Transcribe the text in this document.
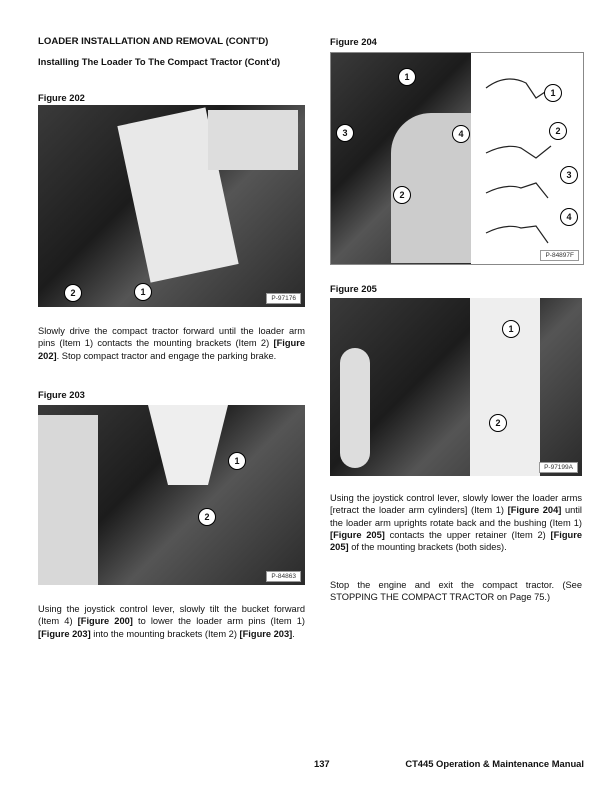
LOADER INSTALLATION AND REMOVAL (CONT'D)
Installing The Loader To The Compact Tractor (Cont'd)
Figure 202
2	1
P-97176
Slowly drive the compact tractor forward until the loader arm pins (Item 1) contacts the mounting brackets (Item 2) [Figure 202]. Stop compact tractor and engage the parking brake.
Figure 203
1
2
P-84863
Using the joystick control lever, slowly tilt the bucket forward (Item 4) [Figure 200] to lower the loader arm pins (Item 1) [Figure 203] into the mounting brackets (Item 2) [Figure 203].
Figure 204
1
3	4
2
1
2
3
4
P-84897F
Figure 205
1
2
P-97199A
Using the joystick control lever, slowly lower the loader arms [retract the loader arm cylinders] (Item 1) [Figure 204] until the loader arm uprights rotate back and the bushing (Item 1) [Figure 205] contacts the upper retainer (Item 2) [Figure 205] of the mounting brackets (both sides).
Stop the engine and exit the compact tractor. (See STOPPING THE COMPACT TRACTOR on Page 75.)
137	CT445 Operation & Maintenance Manual
